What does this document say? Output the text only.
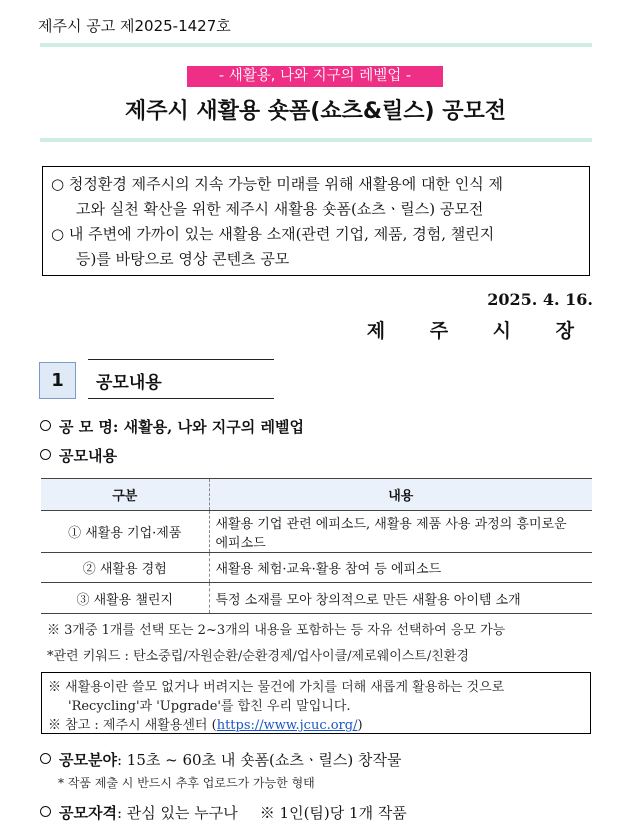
제주시 공고 제2025-1427호
- 새활용, 나와 지구의 레벨업 -
제주시 새활용 숏폼(쇼츠&릴스) 공모전
○ 청정환경 제주시의 지속 가능한 미래를 위해 새활용에 대한 인식 제
고와 실천 확산을 위한 제주시 새활용 숏폼(쇼츠ㆍ릴스) 공모전
○ 내 주변에 가까이 있는 새활용 소재(관련 기업, 제품, 경험, 챌린지
등)를 바탕으로 영상 콘텐츠 공모
2025. 4. 16.
제 주 시 장
1	공모내용
공 모 명: 새활용, 나와 지구의 레벨업
공모내용
구분	내용
① 새활용 기업·제품	새활용 기업 관련 에피소드, 새활용 제품 사용 과정의 흥미로운
에피소드

② 새활용 경험	새활용 체험·교육·활용 참여 등 에피소드
③ 새활용 챌린지	특정 소재를 모아 창의적으로 만든 새활용 아이템 소개
※ 3개중 1개를 선택 또는 2~3개의 내용을 포함하는 등 자유 선택하여 응모 가능
*관련 키워드 : 탄소중립/자원순환/순환경제/업사이클/제로웨이스트/친환경
※ 새활용이란 쓸모 없거나 버려지는 물건에 가치를 더해 새롭게 활용하는 것으로
'Recycling'과 'Upgrade'를 합친 우리 말입니다.
※ 참고 : 제주시 새활용센터 (https://www.jcuc.org/)
공모분야: 15초 ~ 60초 내 숏폼(쇼츠ㆍ릴스) 창작물
* 작품 제출 시 반드시 추후 업로드가 가능한 형태
공모자격: 관심 있는 누구나 ※ 1인(팀)당 1개 작품
